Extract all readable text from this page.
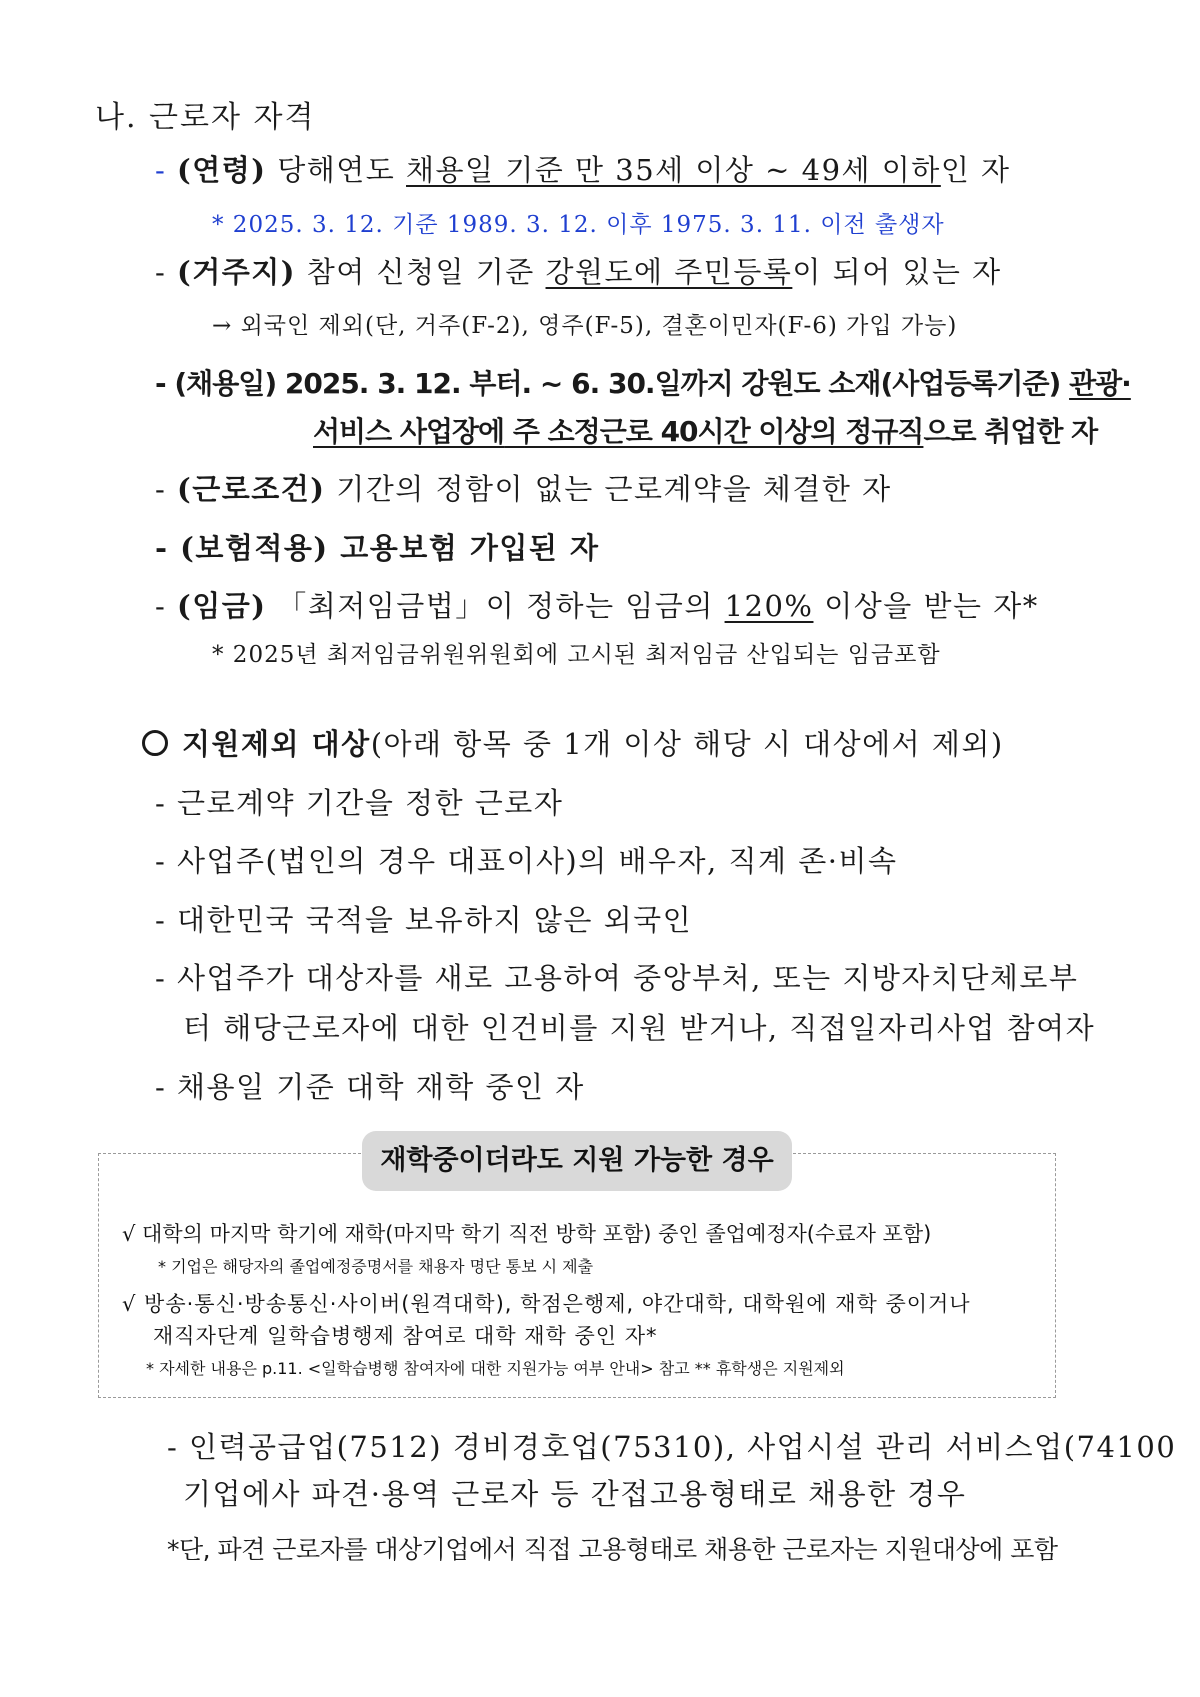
나. 근로자 자격
- (연령) 당해연도 채용일 기준 만 35세 이상 ~ 49세 이하인 자
* 2025. 3. 12. 기준 1989. 3. 12. 이후 1975. 3. 11. 이전 출생자
- (거주지) 참여 신청일 기준 강원도에 주민등록이 되어 있는 자
→ 외국인 제외(단, 거주(F-2), 영주(F-5), 결혼이민자(F-6) 가입 가능)
- (채용일) 2025. 3. 12. 부터. ~ 6. 30.일까지 강원도 소재(사업등록기준) 관광·
서비스 사업장에 주 소정근로 40시간 이상의 정규직으로 취업한 자
- (근로조건) 기간의 정함이 없는 근로계약을 체결한 자
- (보험적용) 고용보험 가입된 자
- (임금) 「최저임금법」이 정하는 임금의 120% 이상을 받는 자*
* 2025년 최저임금위원위원회에 고시된 최저임금 산입되는 임금포함
지원제외 대상(아래 항목 중 1개 이상 해당 시 대상에서 제외)
- 근로계약 기간을 정한 근로자
- 사업주(법인의 경우 대표이사)의 배우자, 직계 존·비속
- 대한민국 국적을 보유하지 않은 외국인
- 사업주가 대상자를 새로 고용하여 중앙부처, 또는 지방자치단체로부
터 해당근로자에 대한 인건비를 지원 받거나, 직접일자리사업 참여자
- 채용일 기준 대학 재학 중인 자
재학중이더라도 지원 가능한 경우
√ 대학의 마지막 학기에 재학(마지막 학기 직전 방학 포함) 중인 졸업예정자(수료자 포함)
* 기업은 해당자의 졸업예정증명서를 채용자 명단 통보 시 제출
√ 방송·통신·방송통신·사이버(원격대학), 학점은행제, 야간대학, 대학원에 재학 중이거나
재직자단계 일학습병행제 참여로 대학 재학 중인 자*
* 자세한 내용은 p.11. <일학습병행 참여자에 대한 지원가능 여부 안내> 참고 ** 휴학생은 지원제외
- 인력공급업(7512) 경비경호업(75310), 사업시설 관리 서비스업(74100
기업에사 파견·용역 근로자 등 간접고용형태로 채용한 경우
*단, 파견 근로자를 대상기업에서 직접 고용형태로 채용한 근로자는 지원대상에 포함
